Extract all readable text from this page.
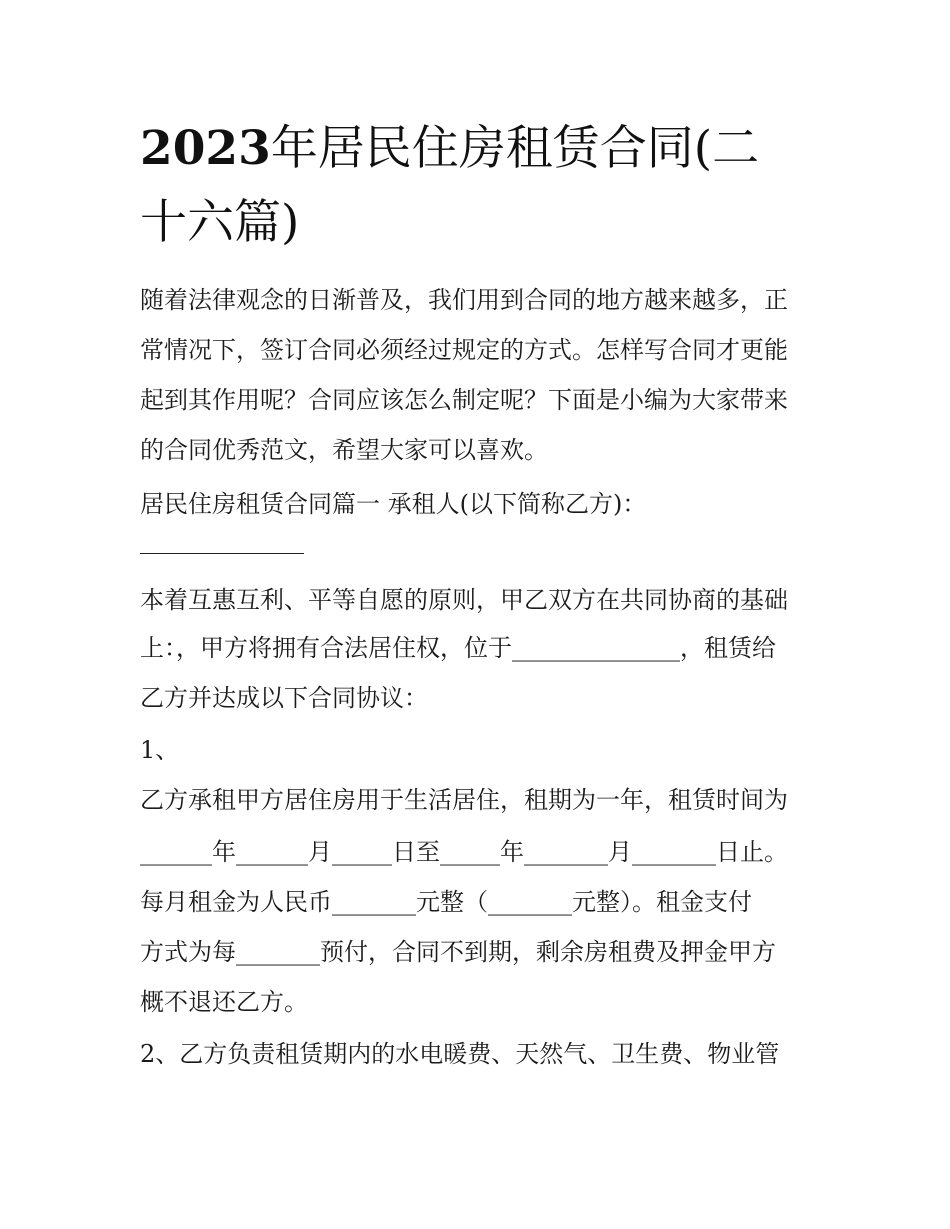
2023年居民住房租赁合同(二
十六篇)
随着法律观念的日渐普及，我们用到合同的地方越来越多，正
常情况下，签订合同必须经过规定的方式。怎样写合同才更能
起到其作用呢？合同应该怎么制定呢？下面是小编为大家带来
的合同优秀范文，希望大家可以喜欢。
居民住房租赁合同篇一 承租人(以下简称乙方)：
本着互惠互利、平等自愿的原则，甲乙双方在共同协商的基础
上：，甲方将拥有合法居住权，位于______________，租赁给
乙方并达成以下合同协议：
1、
乙方承租甲方居住房用于生活居住，租期为一年，租赁时间为
______年______月_____日至_____年_______月_______日止。
每月租金为人民币_______元整（_______元整）。租金支付
方式为每_______预付，合同不到期，剩余房租费及押金甲方
概不退还乙方。
2、乙方负责租赁期内的水电暖费、天然气、卫生费、物业管
